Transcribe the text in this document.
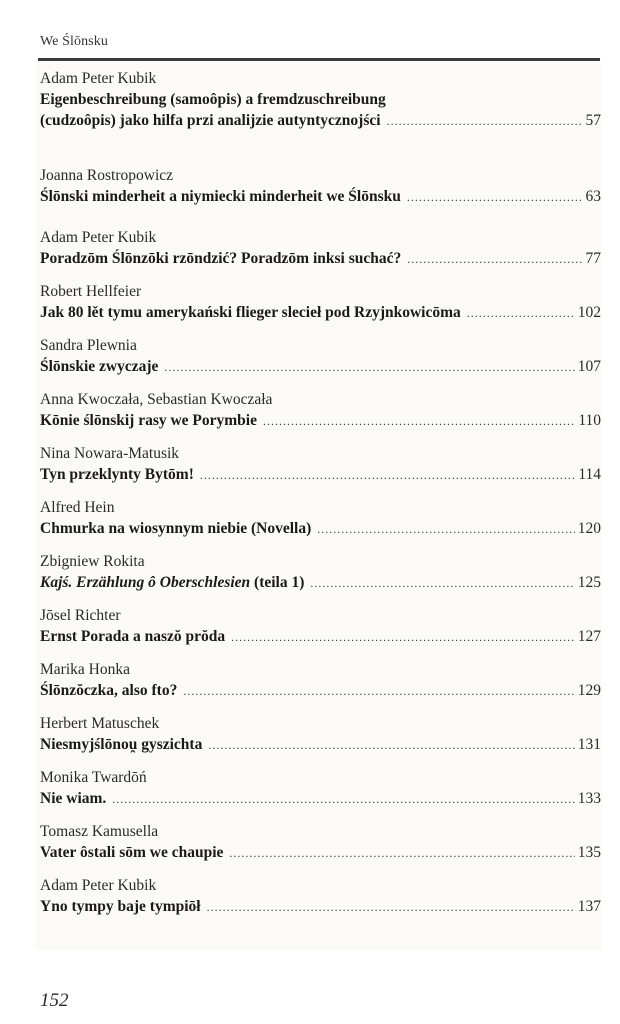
We Ślōnsku
Adam Peter Kubik
Eigenbeschreibung (samoôpis) a fremdzuschreibung
(cudzoôpis) jako hilfa przi analijzie autyntycznojści .....	57
Joanna Rostropowicz
Ślōnski minderheit a niymiecki minderheit we Ślōnsku .....	63
Adam Peter Kubik
Poradzōm Ślōnzōki rzōndzić? Poradzōm inksi suchać? .....	77
Robert Hellfeier
Jak 80 lět tymu amerykański flieger slecieł pod Rzyjnkowicōma .....	102
Sandra Plewnia
Ślōnskie zwyczaje .....	107
Anna Kwoczała, Sebastian Kwoczała
Kōnie ślōnskij rasy we Porymbie .....	110
Nina Nowara-Matusik
Tyn przeklynty Bytōm! .....	114
Alfred Hein
Chmurka na wiosynnym niebie (Novella) .....	120
Zbigniew Rokita
Kajś. Erzählung ô Oberschlesien (teila 1) .....	125
Jōsel Richter
Ernst Porada a naszŏ prŏda .....	127
Marika Honka
Ślōnzŏczka, also fto? .....	129
Herbert Matuschek
Niesmyjślōnou̯ gyszichta .....	131
Monika Twardōń
Nie wiam. .....	133
Tomasz Kamusella
Vater ôstali sōm we chaupie .....	135
Adam Peter Kubik
Yno tympy baje tympiōł .....	137
152
